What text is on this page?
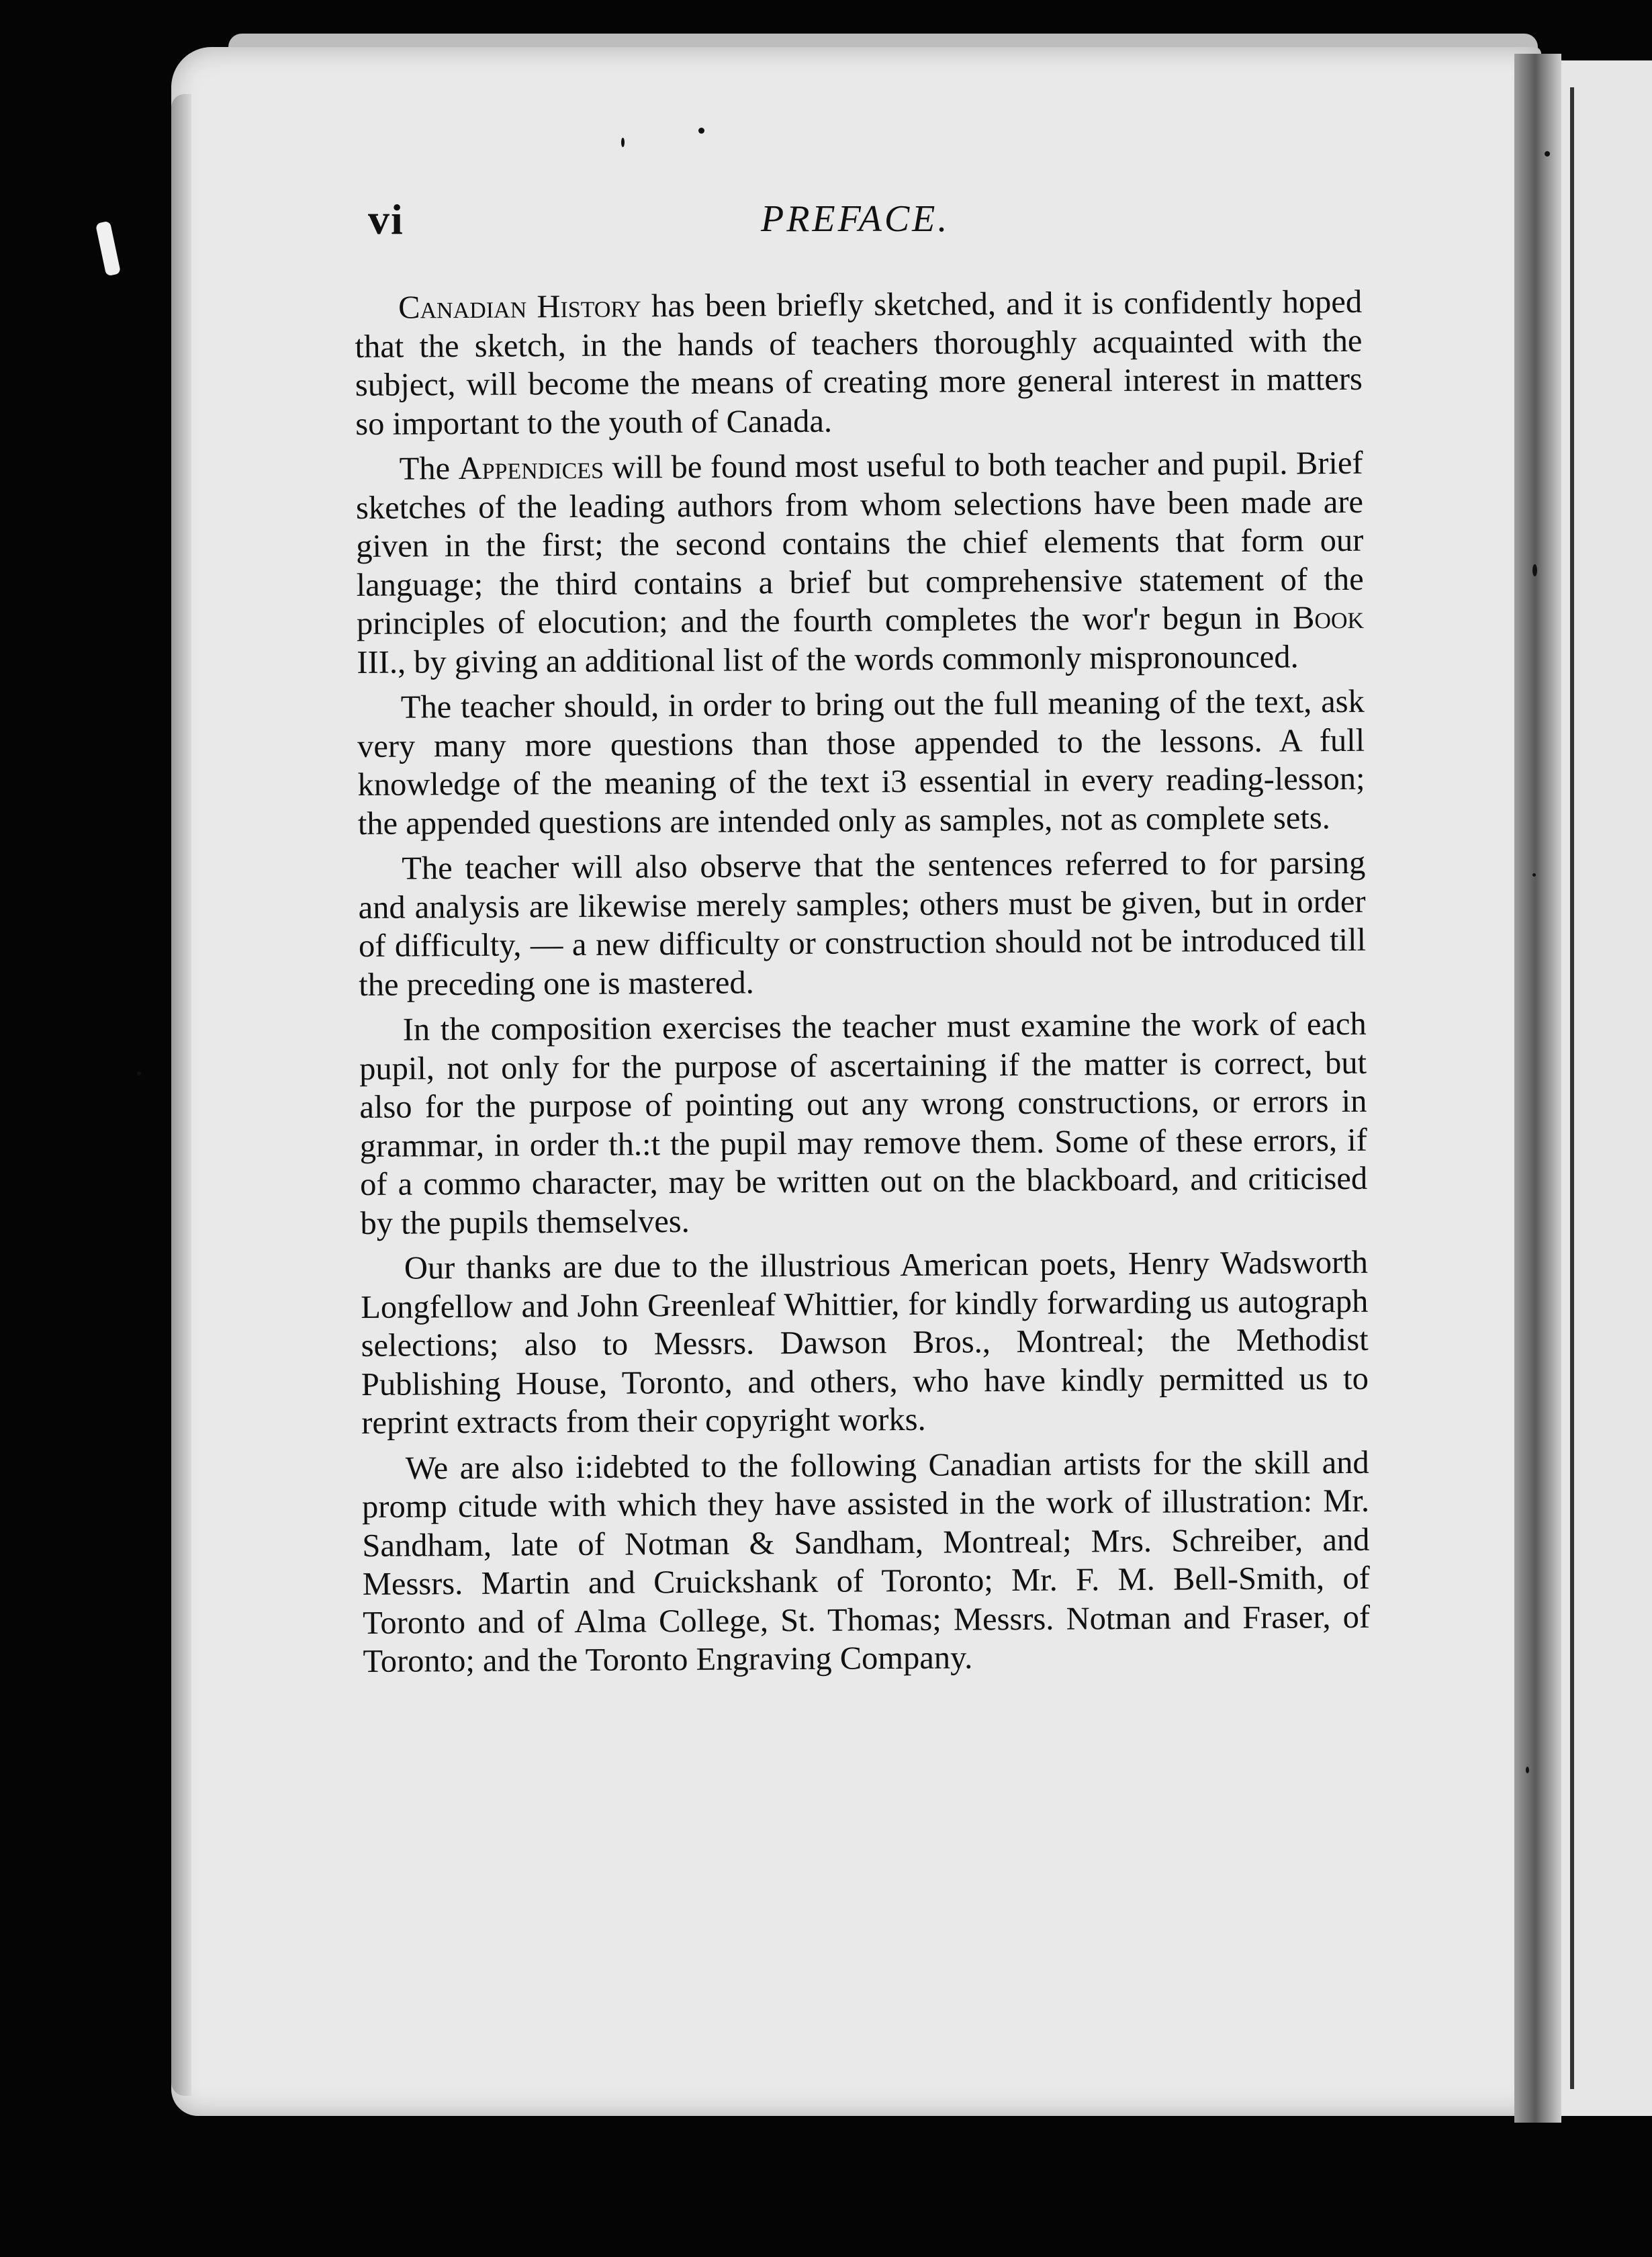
vi	PREFACE.

Canadian History has been briefly sketched, and it is confidently hoped that the sketch, in the hands of teachers thoroughly acquainted with the subject, will become the means of creating more general interest in matters so important to the youth of Canada.

The Appendices will be found most useful to both teacher and pupil. Brief sketches of the leading authors from whom selections have been made are given in the first; the second contains the chief elements that form our language; the third contains a brief but comprehensive statement of the principles of elocution; and the fourth completes the wor'r begun in Book III., by giving an additional list of the words commonly mispronounced.

The teacher should, in order to bring out the full meaning of the text, ask very many more questions than those appended to the lessons. A full knowledge of the meaning of the text i3 essential in every reading-lesson; the appended questions are intended only as samples, not as complete sets.

The teacher will also observe that the sentences referred to for parsing and analysis are likewise merely samples; others must be given, but in order of difficulty, — a new difficulty or construction should not be introduced till the preceding one is mastered.

In the composition exercises the teacher must examine the work of each pupil, not only for the purpose of ascertaining if the matter is correct, but also for the purpose of pointing out any wrong constructions, or errors in grammar, in order th.:t the pupil may remove them. Some of these errors, if of a commo character, may be written out on the blackboard, and criticised by the pupils themselves.

Our thanks are due to the illustrious American poets, Henry Wadsworth Longfellow and John Greenleaf Whittier, for kindly forwarding us autograph selections; also to Messrs. Dawson Bros., Montreal; the Methodist Publishing House, Toronto, and others, who have kindly permitted us to reprint extracts from their copyright works.

We are also i:idebted to the following Canadian artists for the skill and promp citude with which they have assisted in the work of illustration: Mr. Sandham, late of Notman & Sandham, Montreal; Mrs. Schreiber, and Messrs. Martin and Cruickshank of Toronto; Mr. F. M. Bell-Smith, of Toronto and of Alma College, St. Thomas; Messrs. Notman and Fraser, of Toronto; and the Toronto Engraving Company.
